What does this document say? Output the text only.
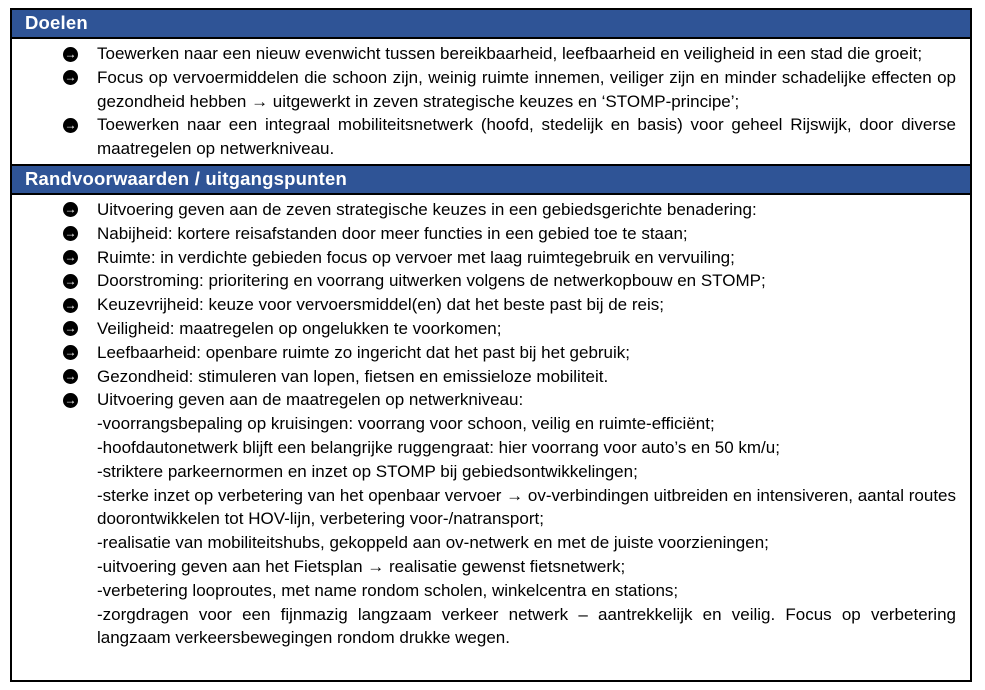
Doelen
→ Toewerken naar een nieuw evenwicht tussen bereikbaarheid, leefbaarheid en veiligheid in een stad die groeit;
→ Focus op vervoermiddelen die schoon zijn, weinig ruimte innemen, veiliger zijn en minder schadelijke effecten op gezondheid hebben → uitgewerkt in zeven strategische keuzes en ‘STOMP-principe’;
→ Toewerken naar een integraal mobiliteitsnetwerk (hoofd, stedelijk en basis) voor geheel Rijswijk, door diverse maatregelen op netwerkniveau.
Randvoorwaarden / uitgangspunten
→ Uitvoering geven aan de zeven strategische keuzes in een gebiedsgerichte benadering:
→ Nabijheid: kortere reisafstanden door meer functies in een gebied toe te staan;
→ Ruimte: in verdichte gebieden focus op vervoer met laag ruimtegebruik en vervuiling;
→ Doorstroming: prioritering en voorrang uitwerken volgens de netwerkopbouw en STOMP;
→ Keuzevrijheid: keuze voor vervoersmiddel(en) dat het beste past bij de reis;
→ Veiligheid: maatregelen op ongelukken te voorkomen;
→ Leefbaarheid: openbare ruimte zo ingericht dat het past bij het gebruik;
→ Gezondheid: stimuleren van lopen, fietsen en emissieloze mobiliteit.
→ Uitvoering geven aan de maatregelen op netwerkniveau:
-voorrangsbepaling op kruisingen: voorrang voor schoon, veilig en ruimte-efficiënt;
-hoofdautonetwerk blijft een belangrijke ruggengraat: hier voorrang voor auto’s en 50 km/u;
-striktere parkeernormen en inzet op STOMP bij gebiedsontwikkelingen;
-sterke inzet op verbetering van het openbaar vervoer → ov-verbindingen uitbreiden en intensiveren, aantal routes doorontwikkelen tot HOV-lijn, verbetering voor-/natransport;
-realisatie van mobiliteitshubs, gekoppeld aan ov-netwerk en met de juiste voorzieningen;
-uitvoering geven aan het Fietsplan → realisatie gewenst fietsnetwerk;
-verbetering looproutes, met name rondom scholen, winkelcentra en stations;
-zorgdragen voor een fijnmazig langzaam verkeer netwerk – aantrekkelijk en veilig. Focus op verbetering langzaam verkeersbewegingen rondom drukke wegen.
